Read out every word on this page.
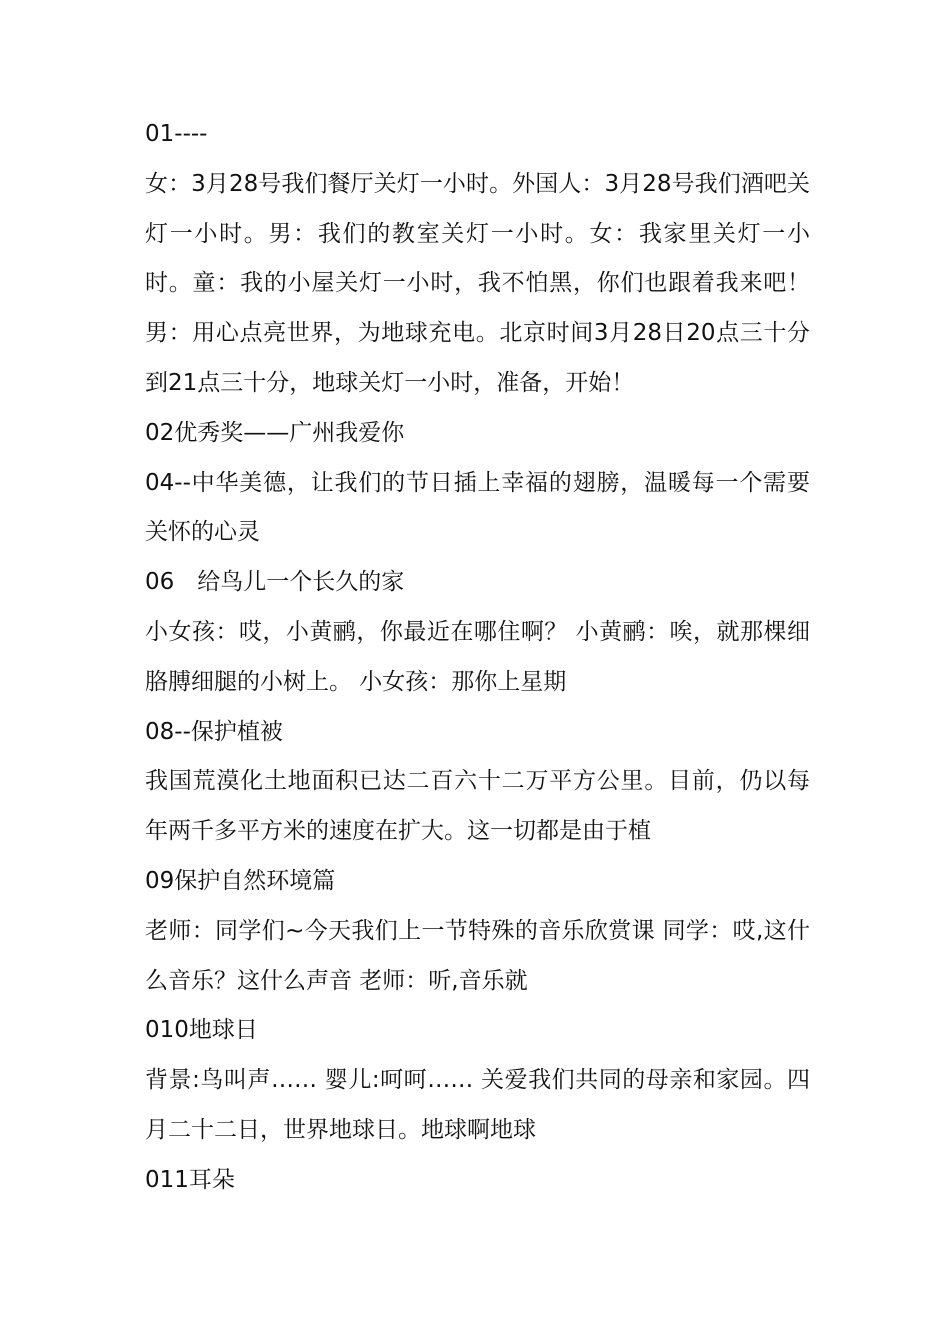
01----

女：3月28号我们餐厅关灯一小时。外国人：3月28号我们酒吧关灯一小时。男：我们的教室关灯一小时。女：我家里关灯一小时。童：我的小屋关灯一小时，我不怕黑，你们也跟着我来吧！男：用心点亮世界，为地球充电。北京时间3月28日20点三十分到21点三十分，地球关灯一小时，准备，开始！

02优秀奖——广州我爱你

04--中华美德，让我们的节日插上幸福的翅膀，温暖每一个需要关怀的心灵

06　给鸟儿一个长久的家

小女孩：哎，小黄鹂，你最近在哪住啊？ 小黄鹂：唉，就那棵细胳膊细腿的小树上。 小女孩：那你上星期

08--保护植被

我国荒漠化土地面积已达二百六十二万平方公里。目前，仍以每年两千多平方米的速度在扩大。这一切都是由于植

09保护自然环境篇

老师：同学们~今天我们上一节特殊的音乐欣赏课 同学：哎,这什么音乐？这什么声音 老师：听,音乐就

010地球日

背景:鸟叫声…… 婴儿:呵呵…… 关爱我们共同的母亲和家园。四月二十二日，世界地球日。地球啊地球

011耳朵
